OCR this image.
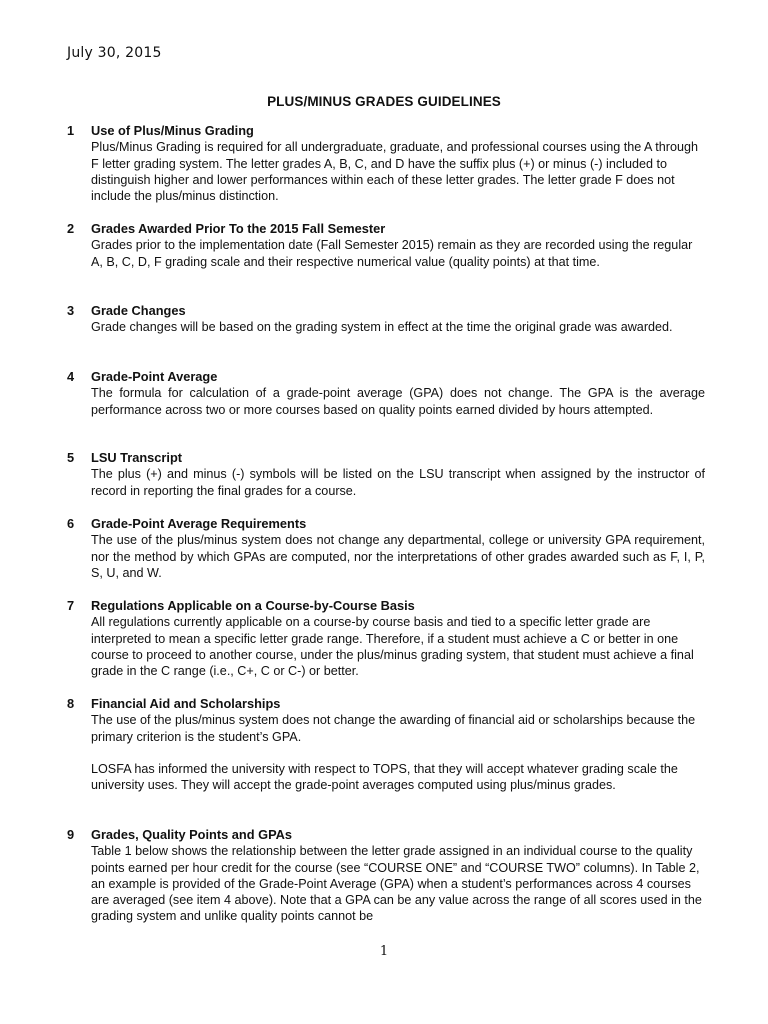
July 30, 2015
PLUS/MINUS GRADES GUIDELINES
1 Use of Plus/Minus Grading
Plus/Minus Grading is required for all undergraduate, graduate, and professional courses using the A through F letter grading system. The letter grades A, B, C, and D have the suffix plus (+) or minus (-) included to distinguish higher and lower performances within each of these letter grades. The letter grade F does not include the plus/minus distinction.
2 Grades Awarded Prior To the 2015 Fall Semester
Grades prior to the implementation date (Fall Semester 2015) remain as they are recorded using the regular A, B, C, D, F grading scale and their respective numerical value (quality points) at that time.
3 Grade Changes
Grade changes will be based on the grading system in effect at the time the original grade was awarded.
4 Grade-Point Average
The formula for calculation of a grade-point average (GPA) does not change. The GPA is the average performance across two or more courses based on quality points earned divided by hours attempted.
5 LSU Transcript
The plus (+) and minus (-) symbols will be listed on the LSU transcript when assigned by the instructor of record in reporting the final grades for a course.
6 Grade-Point Average Requirements
The use of the plus/minus system does not change any departmental, college or university GPA requirement, nor the method by which GPAs are computed, nor the interpretations of other grades awarded such as F, I, P, S, U, and W.
7 Regulations Applicable on a Course-by-Course Basis
All regulations currently applicable on a course-by course basis and tied to a specific letter grade are interpreted to mean a specific letter grade range. Therefore, if a student must achieve a C or better in one course to proceed to another course, under the plus/minus grading system, that student must achieve a final grade in the C range (i.e., C+, C or C-) or better.
8 Financial Aid and Scholarships
The use of the plus/minus system does not change the awarding of financial aid or scholarships because the primary criterion is the student’s GPA.
LOSFA has informed the university with respect to TOPS, that they will accept whatever grading scale the university uses. They will accept the grade-point averages computed using plus/minus grades.
9 Grades, Quality Points and GPAs
Table 1 below shows the relationship between the letter grade assigned in an individual course to the quality points earned per hour credit for the course (see “COURSE ONE” and “COURSE TWO” columns). In Table 2, an example is provided of the Grade-Point Average (GPA) when a student’s performances across 4 courses are averaged (see item 4 above). Note that a GPA can be any value across the range of all scores used in the grading system and unlike quality points cannot be
1
